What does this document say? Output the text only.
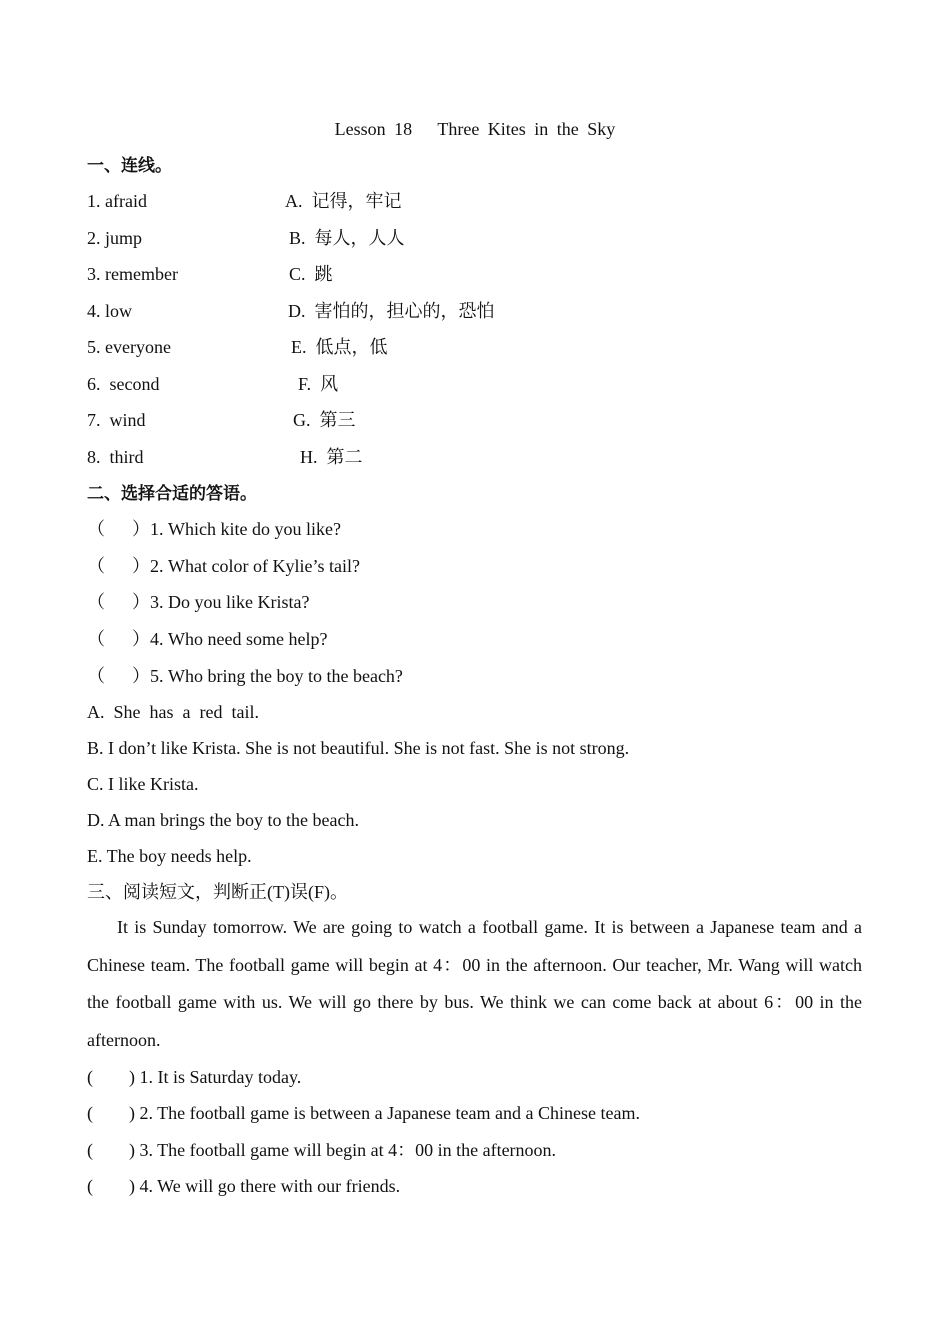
Lesson 18   Three Kites in the Sky
一、连线。
1. afraid
2. jump
3. remember
4. low
5. everyone
6.  second
7.  wind
8.  third
A.  记得，牢记
B.  每人，人人
C.  跳
D.  害怕的，担心的，恐怕
E.  低点，低
F.  风
G.  第三
H.  第二
二、选择合适的答语。
（      ）1. Which kite do you like?
（      ）2. What color of Kylie’s tail?
（      ）3. Do you like Krista?
（      ）4. Who need some help?
（      ）5. Who bring the boy to the beach?
A.  She  has  a  red  tail.
B. I don’t like Krista. She is not beautiful. She is not fast. She is not strong.
C. I like Krista.
D. A man brings the boy to the beach.
E. The boy needs help.
三、阅读短文，判断正(T)误(F)。
It is Sunday tomorrow. We are going to watch a football game. It is between a Japanese team and a Chinese team. The football game will begin at 4：00 in the afternoon. Our teacher, Mr. Wang will watch the football game with us. We will go there by bus. We think we can come back at about 6：00 in the afternoon.
(        ) 1. It is Saturday today.
(        ) 2. The football game is between a Japanese team and a Chinese team.
(        ) 3. The football game will begin at 4：00 in the afternoon.
(        ) 4. We will go there with our friends.
